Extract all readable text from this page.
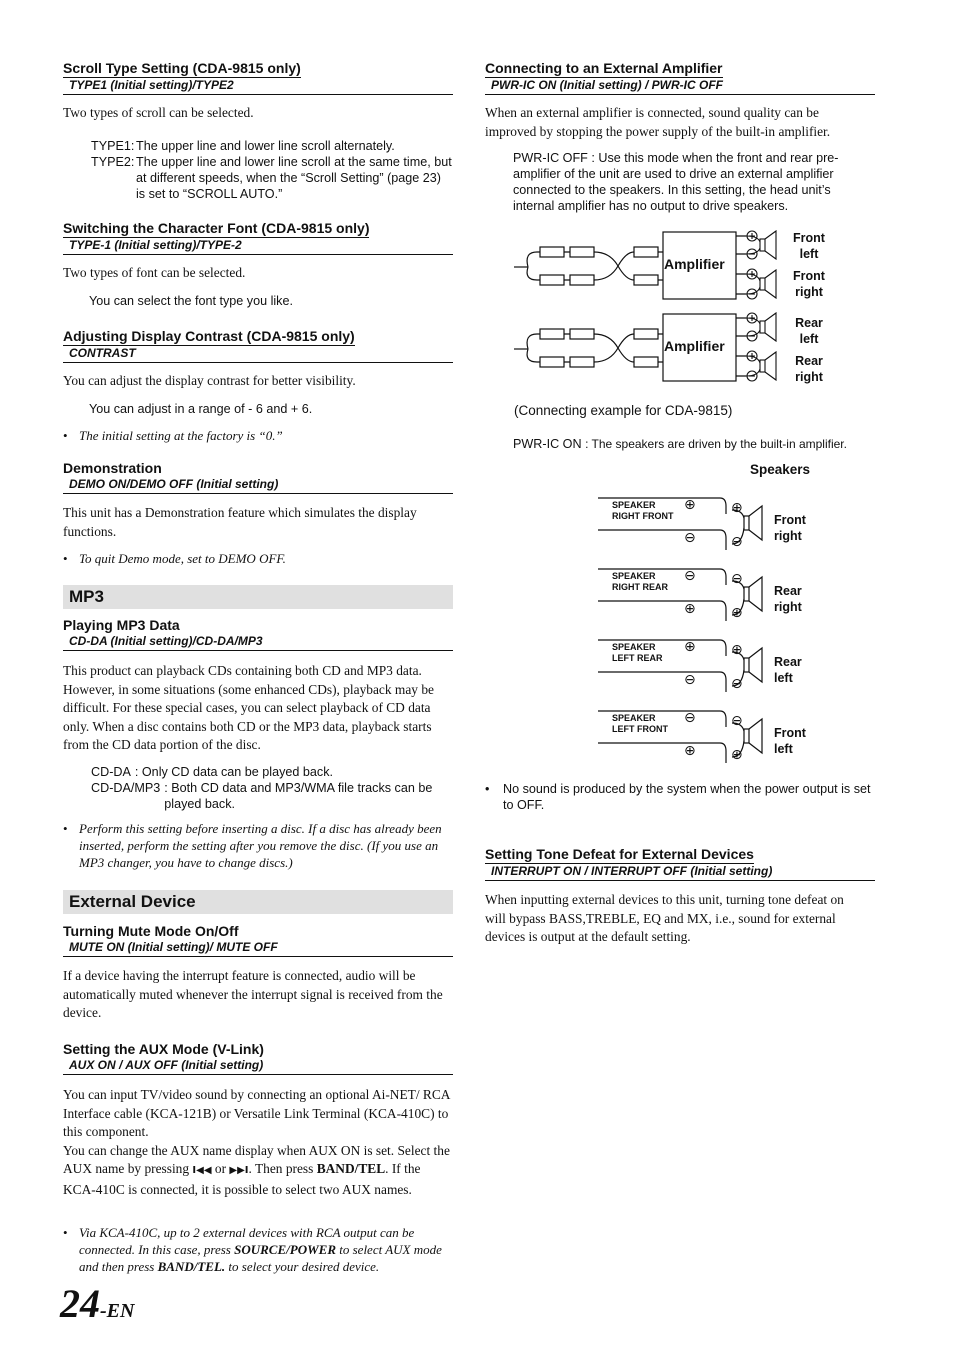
Scroll Type Setting (CDA-9815 only)
TYPE1 (Initial setting)/TYPE2
Two types of scroll can be selected.
TYPE1: The upper line and lower line scroll alternately.
TYPE2: The upper line and lower line scroll at the same time, but at different speeds, when the “Scroll Setting” (page 23) is set to “SCROLL AUTO.”
Switching the Character Font (CDA-9815 only)
TYPE-1 (Initial setting)/TYPE-2
Two types of font can be selected.
You can select the font type you like.
Adjusting Display Contrast (CDA-9815 only)
CONTRAST
You can adjust the display contrast for better visibility.
You can adjust in a range of - 6 and + 6.
• The initial setting at the factory is “0.”
Demonstration
DEMO ON/DEMO OFF (Initial setting)
This unit has a Demonstration feature which simulates the display functions.
• To quit Demo mode, set to DEMO OFF.
MP3
Playing MP3 Data
CD-DA (Initial setting)/CD-DA/MP3
This product can playback CDs containing both CD and MP3 data. However, in some situations (some enhanced CDs), playback may be difficult. For these special cases, you can select playback of CD data only. When a disc contains both CD or the MP3 data, playback starts from the CD data portion of the disc.
CD-DA : Only CD data can be played back.
CD-DA/MP3 : Both CD data and MP3/WMA file tracks can be played back.
• Perform this setting before inserting a disc. If a disc has already been inserted, perform the setting after you remove the disc. (If you use an MP3 changer, you have to change discs.)
External Device
Turning Mute Mode On/Off
MUTE ON (Initial setting)/ MUTE OFF
If a device having the interrupt feature is connected, audio will be automatically muted whenever the interrupt signal is received from the device.
Setting the AUX Mode (V-Link)
AUX ON / AUX OFF (Initial setting)
You can input TV/video sound by connecting an optional Ai-NET/ RCA Interface cable (KCA-121B) or Versatile Link Terminal (KCA-410C) to this component.
You can change the AUX name display when AUX ON is set. Select the AUX name by pressing I◀◀ or ▶▶I. Then press BAND/TEL. If the KCA-410C is connected, it is possible to select two AUX names.
• Via KCA-410C, up to 2 external devices with RCA output can be connected. In this case, press SOURCE/POWER to select AUX mode and then press BAND/TEL. to select your desired device.
24-EN
Connecting to an External Amplifier
PWR-IC ON (Initial setting) / PWR-IC OFF
When an external amplifier is connected, sound quality can be improved by stopping the power supply of the built-in amplifier.
PWR-IC OFF : Use this mode when the front and rear pre-amplifier of the unit are used to drive an external amplifier connected to the speakers. In this setting, the head unit’s internal amplifier has no output to drive speakers.
Amplifier
Amplifier
Front
left
Front
right
Rear
left
Rear
right
(Connecting example for CDA-9815)
PWR-IC ON : The speakers are driven by the built-in amplifier.
Speakers
SPEAKER
RIGHT FRONT
⊕
⊖
⊕
⊖
Front
right
SPEAKER
RIGHT REAR
⊖
⊕
⊖
⊕
Rear
right
SPEAKER
LEFT REAR
⊕
⊖
⊕
⊖
Rear
left
SPEAKER
LEFT FRONT
⊖
⊕
⊖
⊕
Front
left
•	No sound is produced by the system when the power output is set to OFF.
Setting Tone Defeat for External Devices
INTERRUPT ON / INTERRUPT OFF (Initial setting)
When inputting external devices to this unit, turning tone defeat on will bypass BASS,TREBLE, EQ and MX, i.e., sound for external devices is output at the default setting.
